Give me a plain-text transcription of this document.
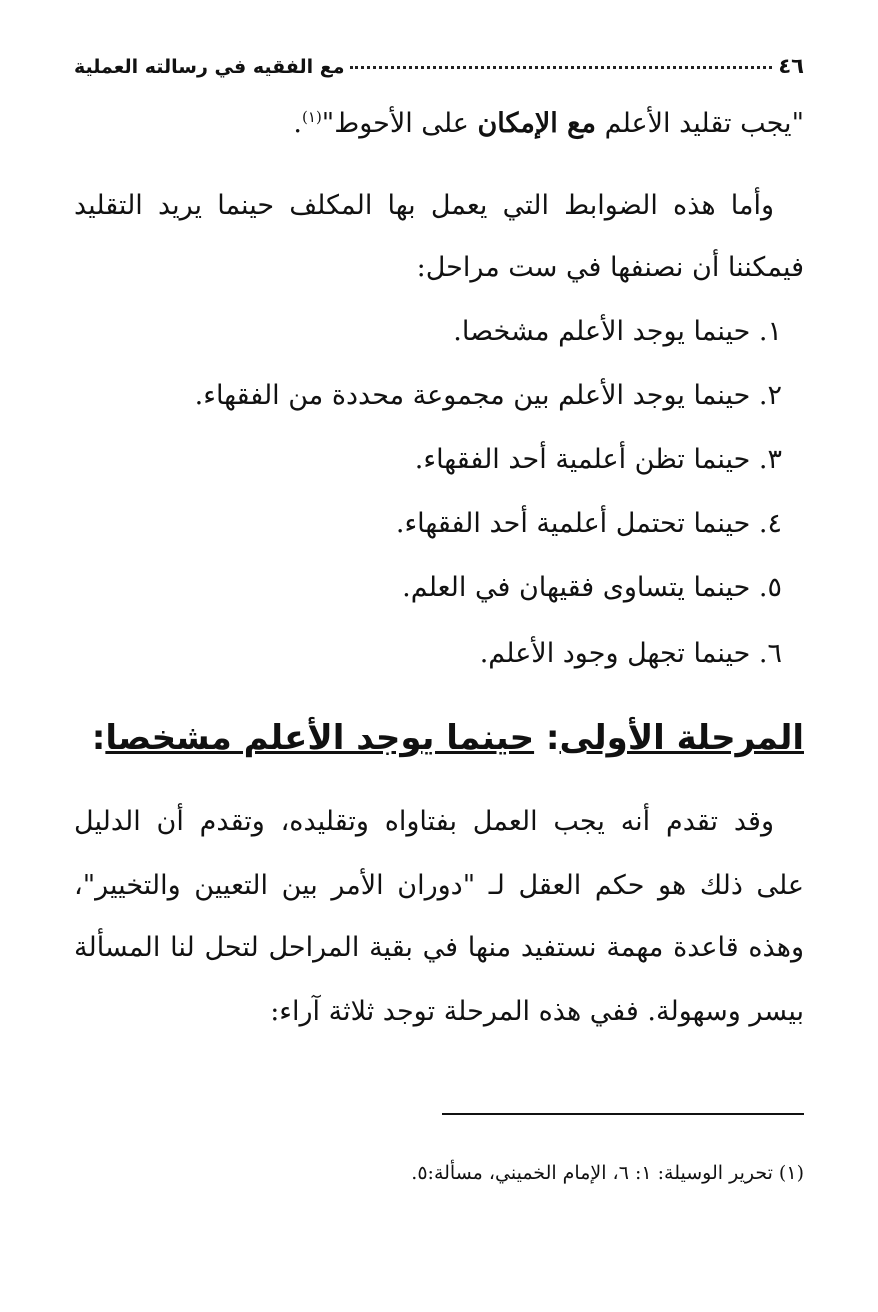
٤٦
مع الفقيه في رسالته العملية
"يجب تقليد الأعلم مع الإمكان على الأحوط"$^{(١)}$.
وأما هذه الضوابط التي يعمل بها المكلف حينما يريد التقليد
فيمكننا أن نصنفها في ست مراحل:
١. حينما يوجد الأعلم مشخصا.
٢. حينما يوجد الأعلم بين مجموعة محددة من الفقهاء.
٣. حينما تظن أعلمية أحد الفقهاء.
٤. حينما تحتمل أعلمية أحد الفقهاء.
٥. حينما يتساوى فقيهان في العلم.
٦. حينما تجهل وجود الأعلم.
المرحلة الأولى: حينما يوجد الأعلم مشخصا:
وقد تقدم أنه يجب العمل بفتاواه وتقليده، وتقدم أن الدليل
على ذلك هو حكم العقل لـ "دوران الأمر بين التعيين والتخيير"،
وهذه قاعدة مهمة نستفيد منها في بقية المراحل لتحل لنا المسألة
بيسر وسهولة. ففي هذه المرحلة توجد ثلاثة آراء:
(١) تحرير الوسيلة: ١: ٦، الإمام الخميني، مسألة:٥.
